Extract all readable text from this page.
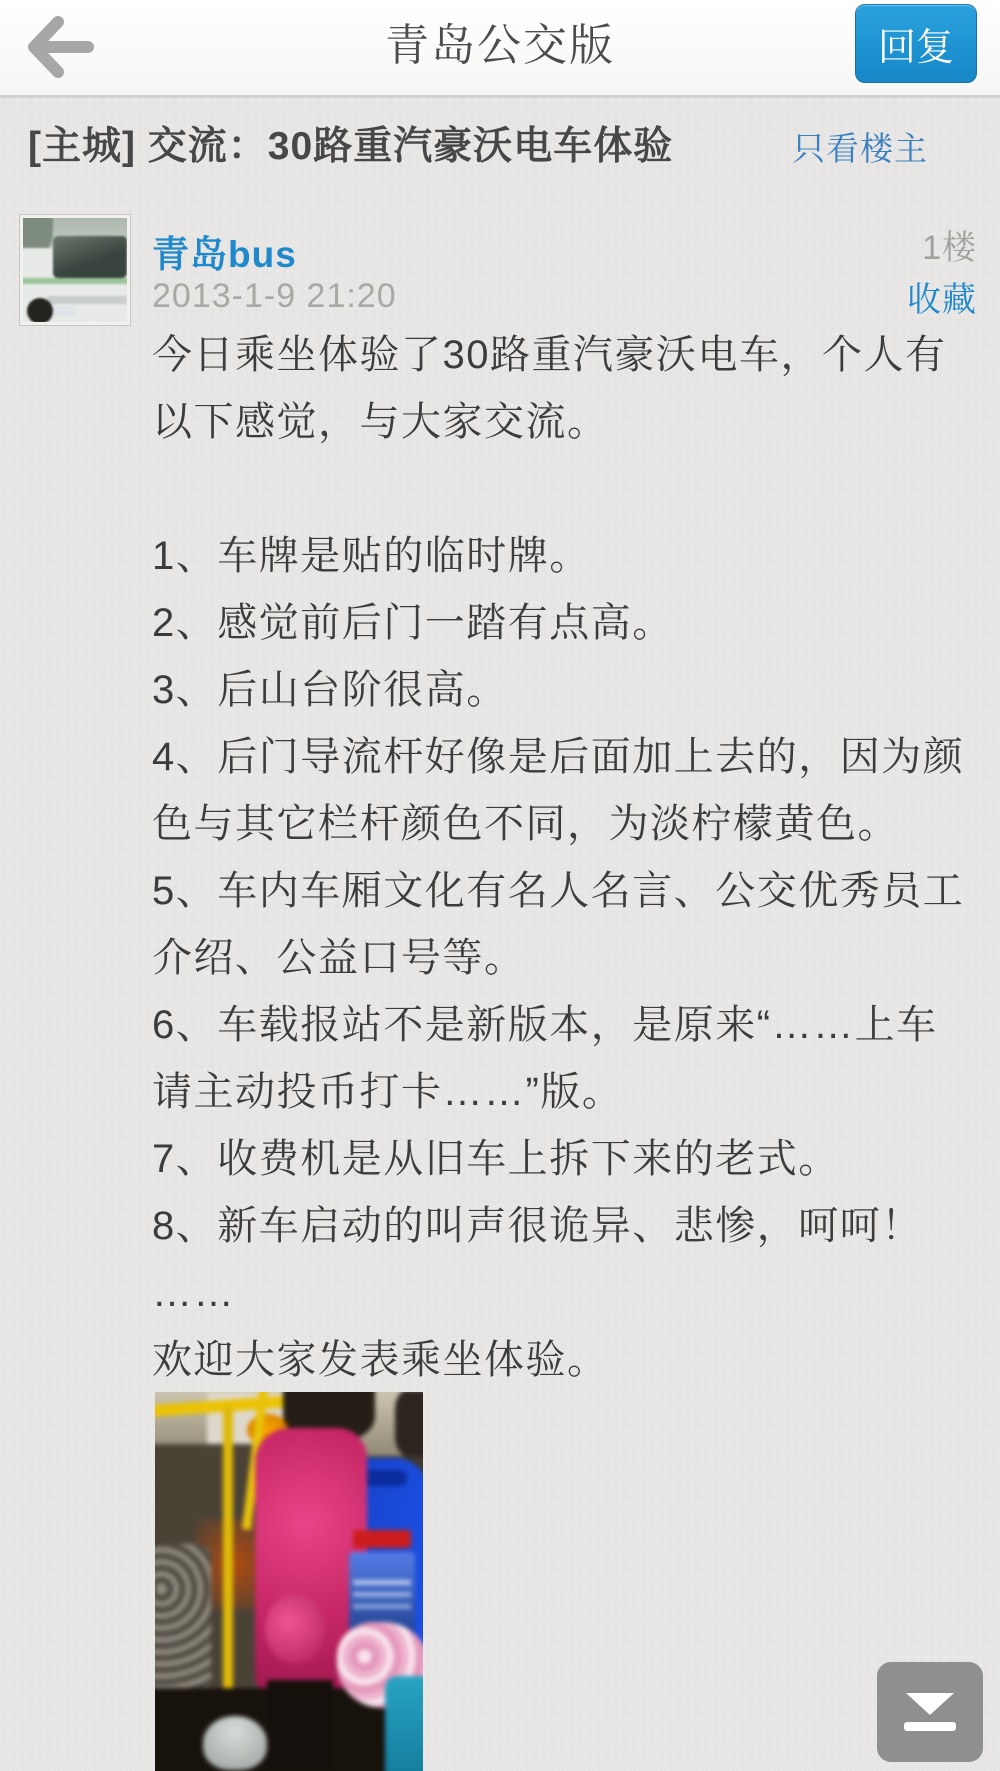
青岛公交版	回复
[主城] 交流：30路重汽豪沃电车体验	只看楼主
青岛bus
2013-1-9 21:20
1楼
收藏
今日乘坐体验了30路重汽豪沃电车，个人有
以下感觉，与大家交流。

1、车牌是贴的临时牌。
2、感觉前后门一踏有点高。
3、后山台阶很高。
4、后门导流杆好像是后面加上去的，因为颜
色与其它栏杆颜色不同，为淡柠檬黄色。
5、车内车厢文化有名人名言、公交优秀员工
介绍、公益口号等。
6、车载报站不是新版本，是原来“……上车
请主动投币打卡……”版。
7、收费机是从旧车上拆下来的老式。
8、新车启动的叫声很诡异、悲惨，呵呵！
……
欢迎大家发表乘坐体验。
